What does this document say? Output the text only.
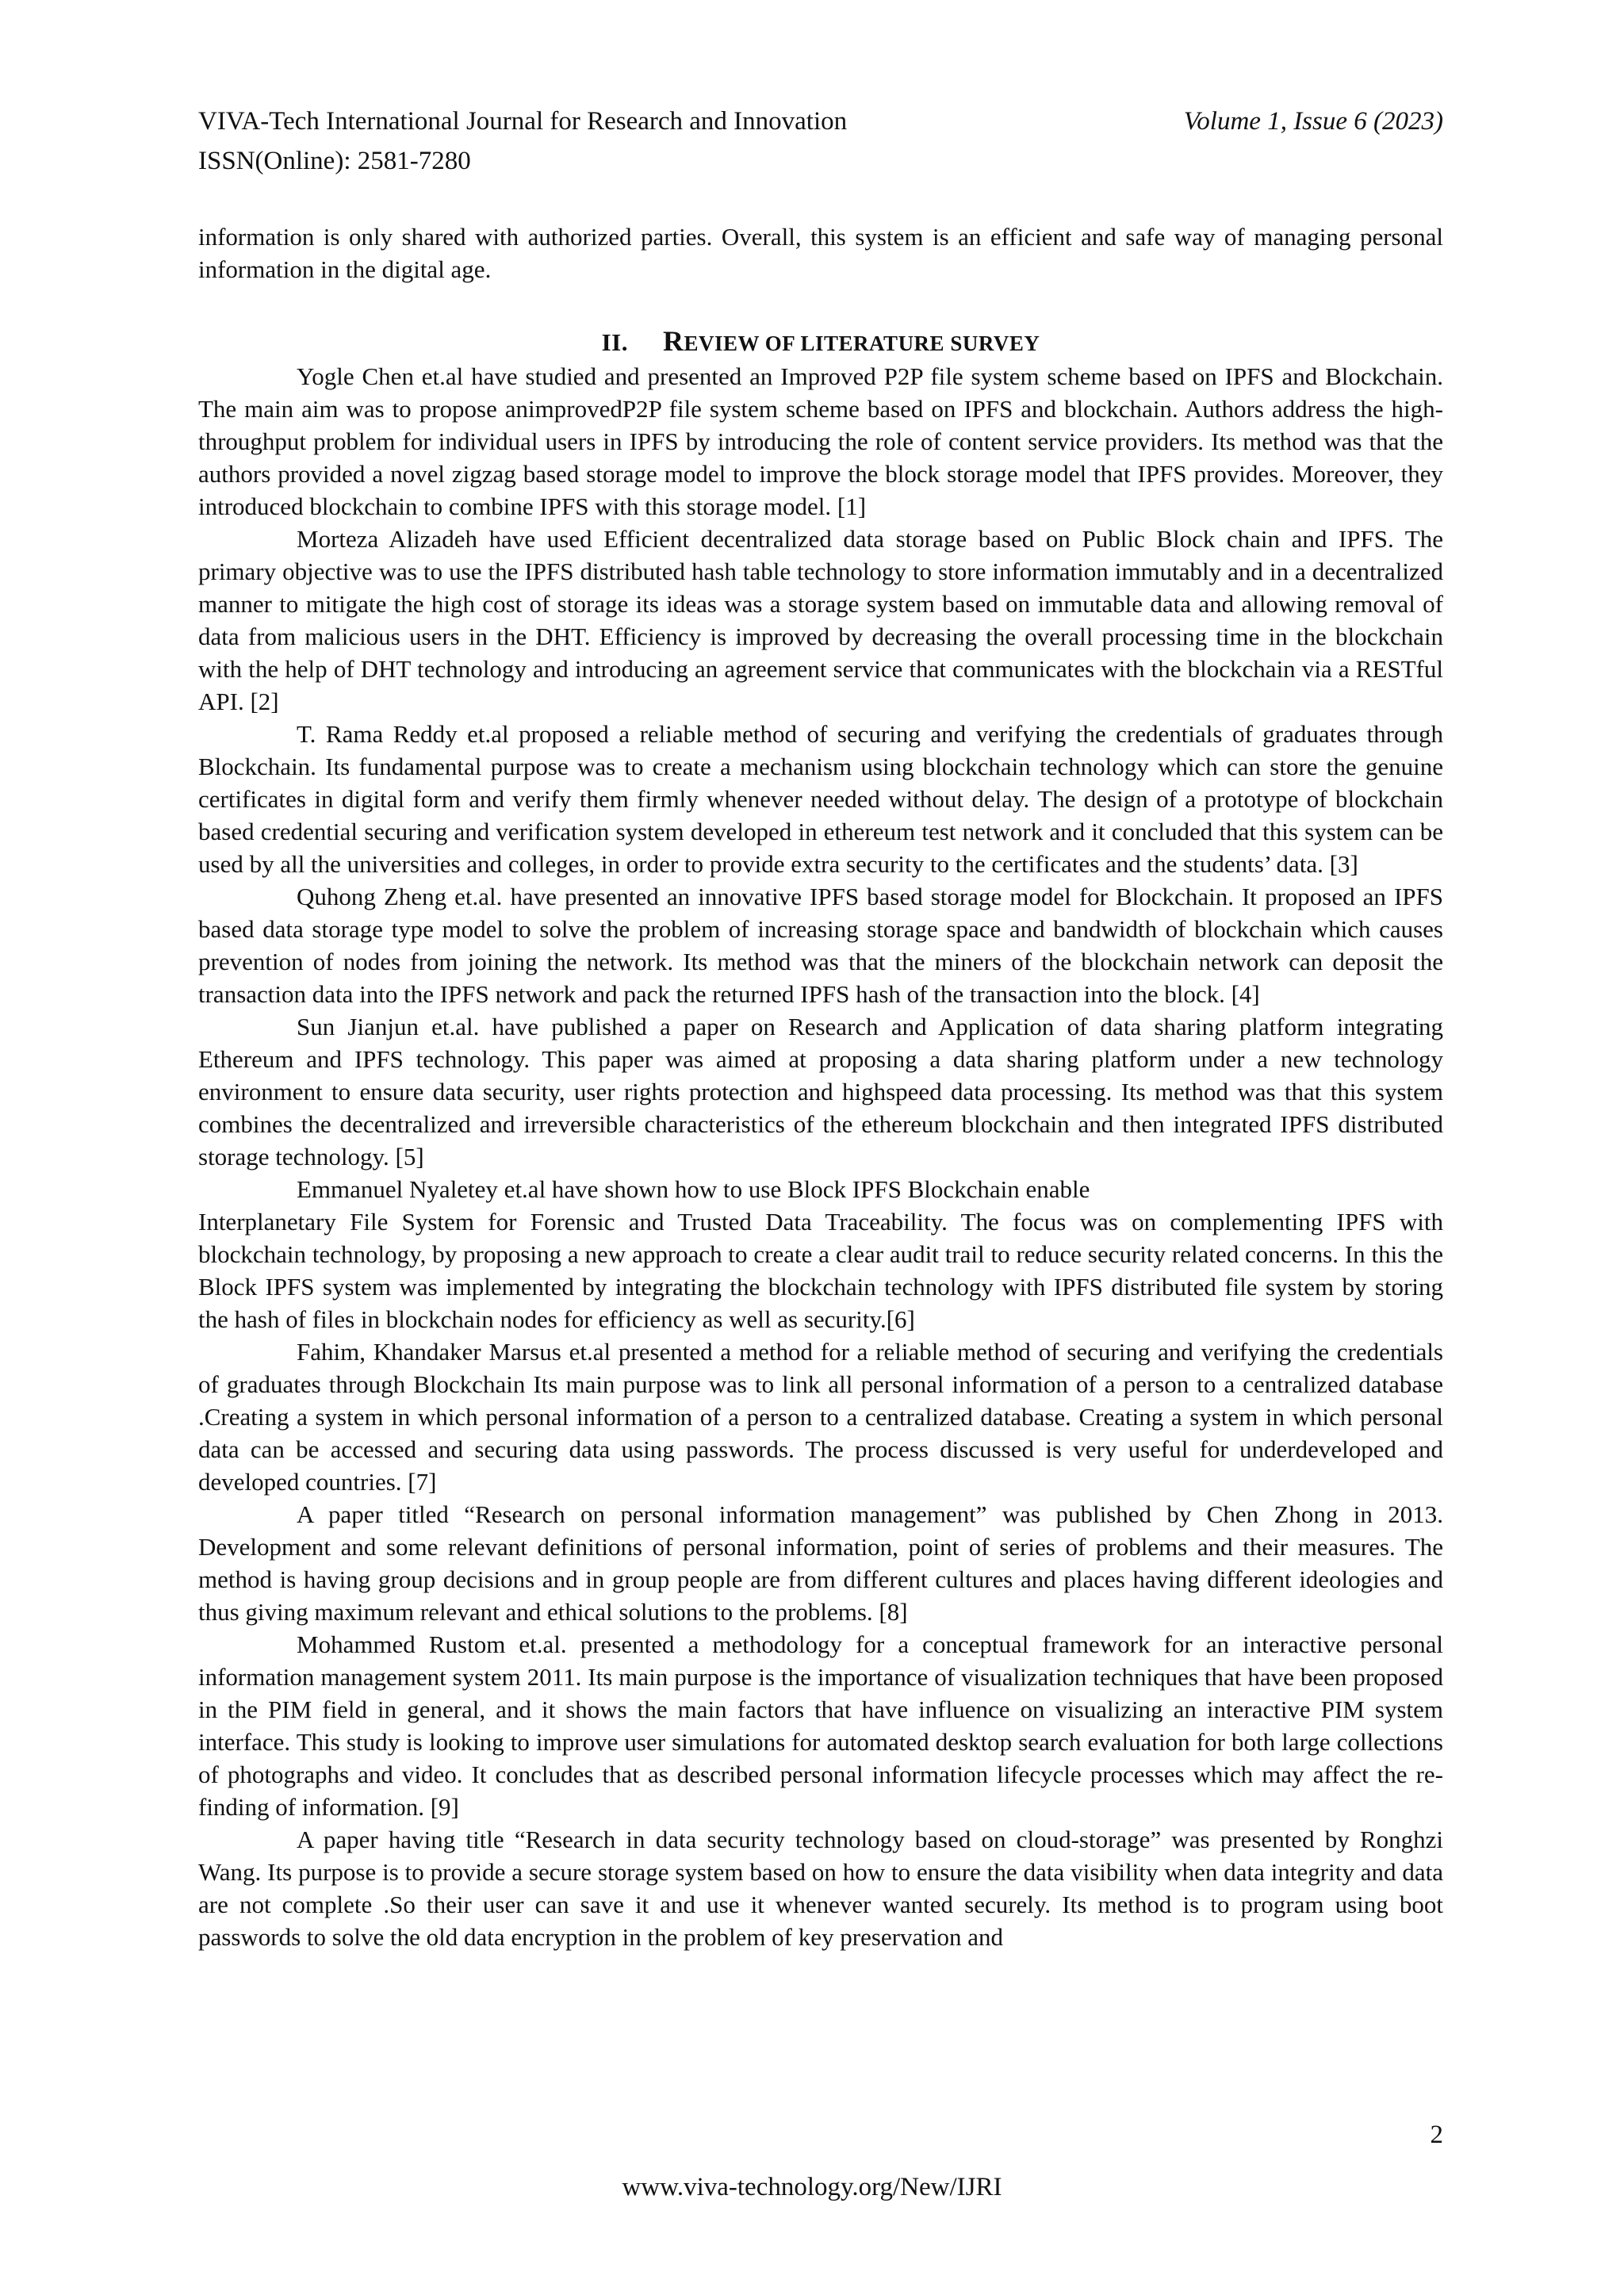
VIVA-Tech International Journal for Research and Innovation	Volume 1, Issue 6 (2023)
ISSN(Online): 2581-7280

information is only shared with authorized parties. Overall, this system is an efficient and safe way of managing personal information in the digital age.

II. REVIEW OF LITERATURE SURVEY

Yogle Chen et.al have studied and presented an Improved P2P file system scheme based on IPFS and Blockchain. The main aim was to propose animprovedP2P file system scheme based on IPFS and blockchain. Authors address the high-throughput problem for individual users in IPFS by introducing the role of content service providers. Its method was that the authors provided a novel zigzag based storage model to improve the block storage model that IPFS provides. Moreover, they introduced blockchain to combine IPFS with this storage model. [1]

Morteza Alizadeh have used Efficient decentralized data storage based on Public Block chain and IPFS. The primary objective was to use the IPFS distributed hash table technology to store information immutably and in a decentralized manner to mitigate the high cost of storage its ideas was a storage system based on immutable data and allowing removal of data from malicious users in the DHT. Efficiency is improved by decreasing the overall processing time in the blockchain with the help of DHT technology and introducing an agreement service that communicates with the blockchain via a RESTful API. [2]

T. Rama Reddy et.al proposed a reliable method of securing and verifying the credentials of graduates through Blockchain. Its fundamental purpose was to create a mechanism using blockchain technology which can store the genuine certificates in digital form and verify them firmly whenever needed without delay. The design of a prototype of blockchain based credential securing and verification system developed in ethereum test network and it concluded that this system can be used by all the universities and colleges, in order to provide extra security to the certificates and the students’ data. [3]

Quhong Zheng et.al. have presented an innovative IPFS based storage model for Blockchain. It proposed an IPFS based data storage type model to solve the problem of increasing storage space and bandwidth of blockchain which causes prevention of nodes from joining the network. Its method was that the miners of the blockchain network can deposit the transaction data into the IPFS network and pack the returned IPFS hash of the transaction into the block. [4]

Sun Jianjun et.al. have published a paper on Research and Application of data sharing platform integrating Ethereum and IPFS technology. This paper was aimed at proposing a data sharing platform under a new technology environment to ensure data security, user rights protection and highspeed data processing. Its method was that this system combines the decentralized and irreversible characteristics of the ethereum blockchain and then integrated IPFS distributed storage technology. [5]

Emmanuel Nyaletey et.al have shown how to use Block IPFS Blockchain enable

Interplanetary File System for Forensic and Trusted Data Traceability. The focus was on complementing IPFS with blockchain technology, by proposing a new approach to create a clear audit trail to reduce security related concerns. In this the Block IPFS system was implemented by integrating the blockchain technology with IPFS distributed file system by storing the hash of files in blockchain nodes for efficiency as well as security.[6]

Fahim, Khandaker Marsus et.al presented a method for a reliable method of securing and verifying the credentials of graduates through Blockchain Its main purpose was to link all personal information of a person to a centralized database .Creating a system in which personal information of a person to a centralized database. Creating a system in which personal data can be accessed and securing data using passwords. The process discussed is very useful for underdeveloped and developed countries. [7]

A paper titled “Research on personal information management” was published by Chen Zhong in 2013. Development and some relevant definitions of personal information, point of series of problems and their measures. The method is having group decisions and in group people are from different cultures and places having different ideologies and thus giving maximum relevant and ethical solutions to the problems. [8]

Mohammed Rustom et.al. presented a methodology for a conceptual framework for an interactive personal information management system 2011. Its main purpose is the importance of visualization techniques that have been proposed in the PIM field in general, and it shows the main factors that have influence on visualizing an interactive PIM system interface. This study is looking to improve user simulations for automated desktop search evaluation for both large collections of photographs and video. It concludes that as described personal information lifecycle processes which may affect the re-finding of information. [9]

A paper having title “Research in data security technology based on cloud-storage” was presented by Ronghzi Wang. Its purpose is to provide a secure storage system based on how to ensure the data visibility when data integrity and data are not complete .So their user can save it and use it whenever wanted securely. Its method is to program using boot passwords to solve the old data encryption in the problem of key preservation and

2
www.viva-technology.org/New/IJRI
